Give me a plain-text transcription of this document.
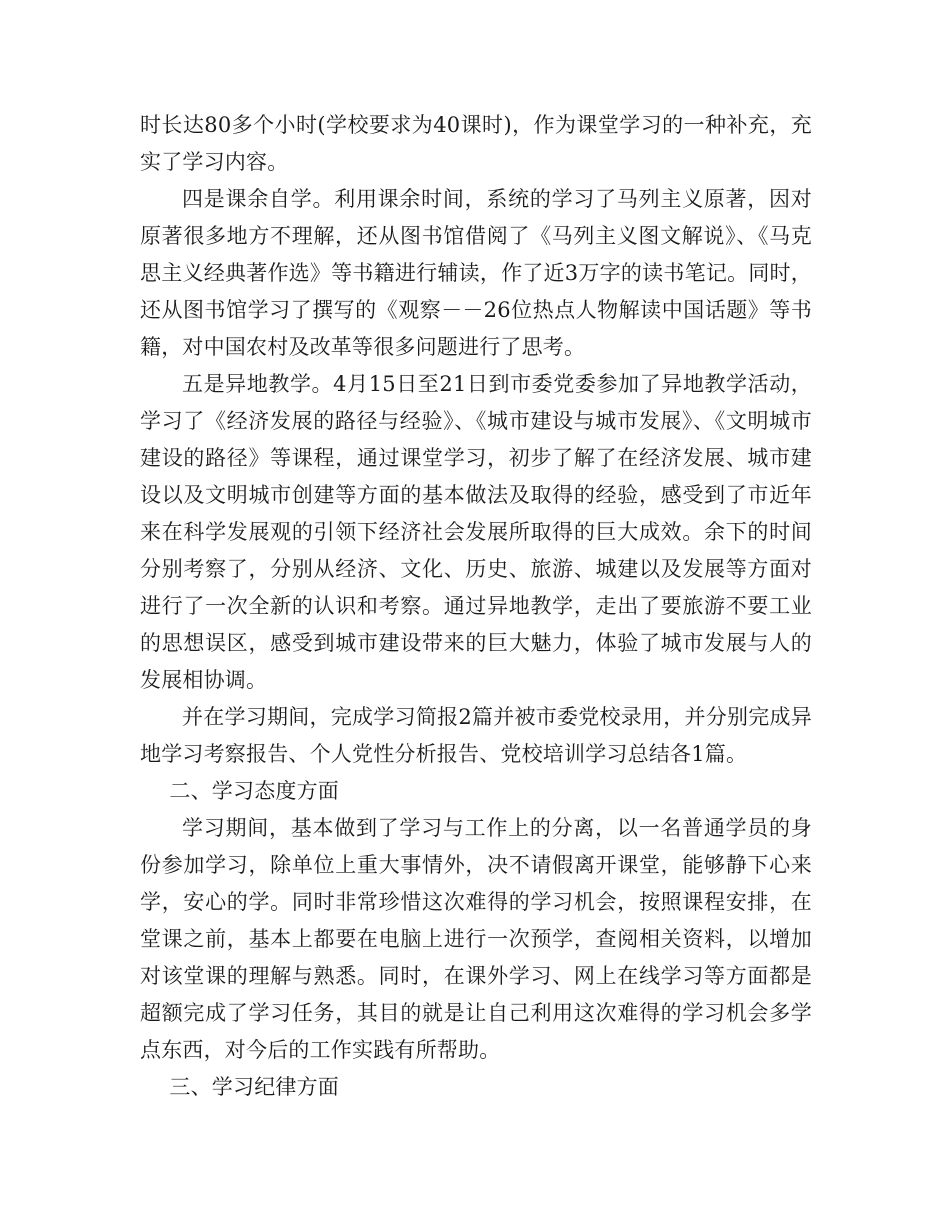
时长达80多个小时(学校要求为40课时)，作为课堂学习的一种补充，充实了学习内容。

四是课余自学。利用课余时间，系统的学习了马列主义原著，因对原著很多地方不理解，还从图书馆借阅了《马列主义图文解说》、《马克思主义经典著作选》等书籍进行辅读，作了近3万字的读书笔记。同时，还从图书馆学习了撰写的《观察－－26位热点人物解读中国话题》等书籍，对中国农村及改革等很多问题进行了思考。

五是异地教学。4月15日至21日到市委党委参加了异地教学活动，学习了《经济发展的路径与经验》、《城市建设与城市发展》、《文明城市建设的路径》等课程，通过课堂学习，初步了解了在经济发展、城市建设以及文明城市创建等方面的基本做法及取得的经验，感受到了市近年来在科学发展观的引领下经济社会发展所取得的巨大成效。余下的时间分别考察了，分别从经济、文化、历史、旅游、城建以及发展等方面对进行了一次全新的认识和考察。通过异地教学，走出了要旅游不要工业的思想误区，感受到城市建设带来的巨大魅力，体验了城市发展与人的发展相协调。

并在学习期间，完成学习简报2篇并被市委党校录用，并分别完成异地学习考察报告、个人党性分析报告、党校培训学习总结各1篇。

二、学习态度方面

学习期间，基本做到了学习与工作上的分离，以一名普通学员的身份参加学习，除单位上重大事情外，决不请假离开课堂，能够静下心来学，安心的学。同时非常珍惜这次难得的学习机会，按照课程安排，在堂课之前，基本上都要在电脑上进行一次预学，查阅相关资料，以增加对该堂课的理解与熟悉。同时，在课外学习、网上在线学习等方面都是超额完成了学习任务，其目的就是让自己利用这次难得的学习机会多学点东西，对今后的工作实践有所帮助。

三、学习纪律方面
